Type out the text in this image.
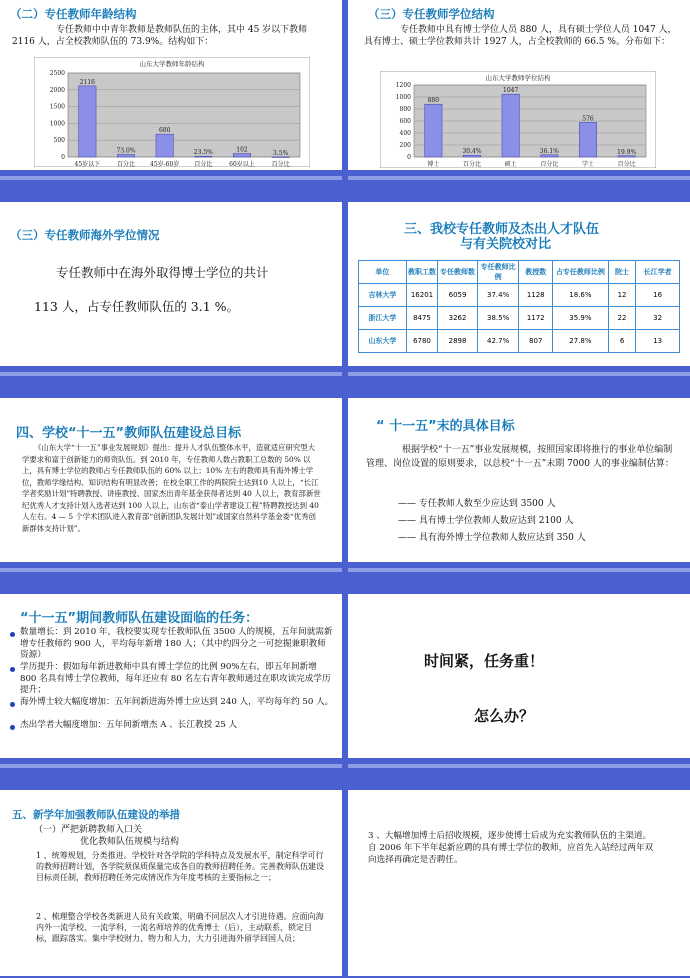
（二）专任教师年龄结构
专任教师中中青年教师是教师队伍的主体，其中 45 岁以下教师 2116 人，占全校教师队伍的 73.9%。结构如下：
山东大学教师年龄结构
0
500
1000
1500
2000
2500
2116
45岁以下
73.0%
百分比
680
45岁-60岁
23.5%
百分比
102
60岁以上
3.5%
百分比
（三）专任教师学位结构
专任教师中具有博士学位人员 880 人，具有硕士学位人员 1047 人，具有博士、硕士学位教师共计 1927 人，占全校教师的 66.5 %。分布如下：
山东大学教师学位结构
0
200
400
600
800
1000
1200
880
博士
30.4%
百分比
1047
硕士
36.1%
百分比
576
学士
19.9%
百分比
（三）专任教师海外学位情况
专任教师中在海外取得博士学位的共计
113 人，占专任教师队伍的 3.1 %。
三、我校专任教师及杰出人才队伍
与有关院校对比
单位	教职工数	专任教师数	专任教师比例	教授数	占专任教师比例	院士	长江学者
吉林大学	16201	6059	37.4%	1128	18.6%	12	16
浙江大学	8475	3262	38.5%	1172	35.9%	22	32
山东大学	6780	2898	42.7%	807	27.8%	6	13
四、学校“十一五”教师队伍建设总目标
《山东大学“十一五”事业发展规划》提出：提升人才队伍整体水平，造就适应研究型大学要求和富于创新能力的师资队伍。到 2010 年，专任教师人数占教职工总数的 50% 以上，具有博士学位的教师占专任教师队伍的 60% 以上；10% 左右的教师具有海外博士学位，教师学缘结构、知识结构有明显改善；在校全职工作的两院院士达到10 人以上，“长江学者奖励计划”特聘教授、讲座教授、国家杰出青年基金获得者达到 40 人以上，教育部新世纪优秀人才支持计划入选者达到 100 人以上，山东省“泰山学者建设工程”特聘教授达到 40人左右。4 — 5 个学术团队进入教育部“创新团队发展计划”或国家自然科学基金委“优秀创新群体支持计划”。
“ 十一五”末的具体目标
根据学校“十一五”事业发展规模，按照国家即将推行的事业单位编制管理、岗位设置的原则要求，以总校“十一五”末期 7000 人的事业编制估算：
—— 专任教师人数至少应达到 3500 人
—— 具有博士学位教师人数应达到 2100 人
—— 具有海外博士学位教师人数应达到 350 人
“十一五”期间教师队伍建设面临的任务：
数量增长：到 2010 年，我校要实现专任教师队伍 3500 人的规模，五年间就需新增专任教师约 900 人，平均每年新增 180 人；（其中约四分之一可挖掘兼职教师资源）
学历提升：假如每年新进教师中具有博士学位的比例 90%左右，即五年间新增 800 名具有博士学位教师，每年还应有 80 名左右青年教师通过在职攻读完成学历提升；
海外博士较大幅度增加：五年间新进海外博士应达到 240 人，平均每年约 50 人。
杰出学者大幅度增加：五年间新增杰 A 、长江教授 25 人
时间紧，任务重！
怎么办？
五、新学年加强教师队伍建设的举措
（一）严把新聘教师入口关
优化教师队伍规模与结构
1 、统筹规划，分类推进。学校针对各学院的学科特点及发展水平，制定科学可行的教师招聘计划，各学院须保质保量完成各自的教师招聘任务。完善教师队伍建设目标责任制，教师招聘任务完成情况作为年度考核的主要指标之一；
2 、梳理整合学校各类新进人员有关政策，明确不同层次人才引进待遇。应面向海内外一流学校、一流学科，一流名师培养的优秀博士（后），主动联系，锁定目标，跟踪落实。集中学校财力、物力和人力，大力引进海外留学回国人员；
3 、大幅增加博士后招收规模，逐步使博士后成为充实教师队伍的主渠道。自 2006 年下半年起新应聘的具有博士学位的教师，应首先入站经过两年双向选择再确定是否聘任。
